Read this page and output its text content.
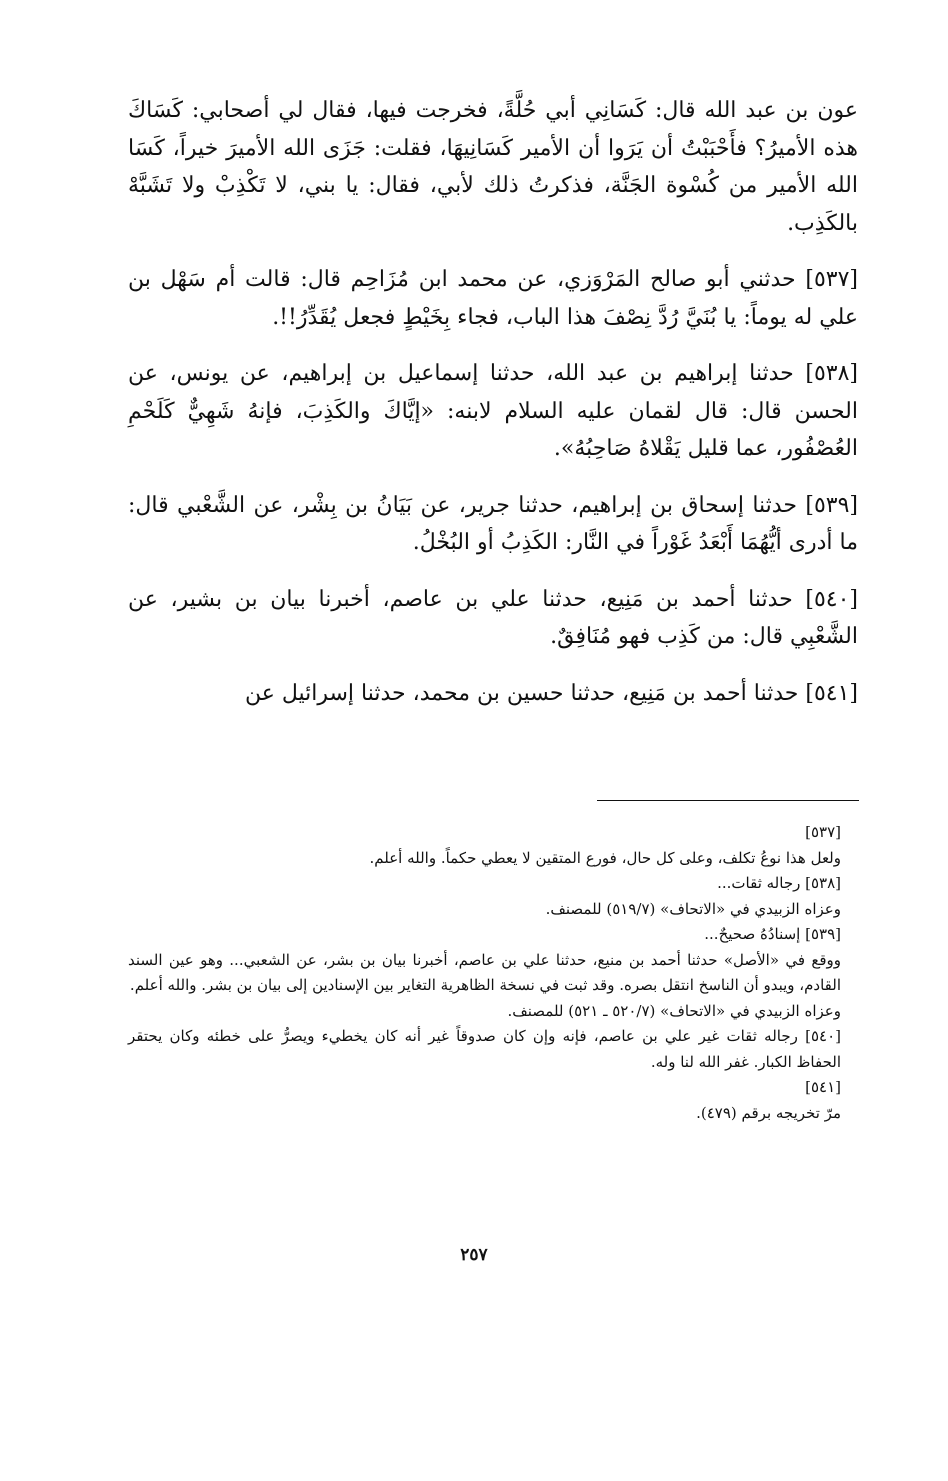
عون بن عبد الله قال: كَسَانِي أبي حُلَّةً، فخرجت فيها، فقال لي أصحابي: كَسَاكَ هذه الأميرُ؟ فأَحْبَبْتُ أن يَرَوا أن الأمير كَسَانِيهَا، فقلت: جَزَى الله الأميرَ خيراً، كَسَا الله الأمير من كُسْوة الجَنَّة، فذكرتُ ذلك لأبي، فقال: يا بني، لا تَكْذِبْ ولا تَشَبَّهْ بالكَذِب.

[٥٣٧] حدثني أبو صالح المَرْوَزي، عن محمد ابن مُزَاحِم قال: قالت أم سَهْل بن علي له يوماً: يا بُنَيَّ رُدَّ نِصْفَ هذا الباب، فجاء بِخَيْطٍ فجعل يُقَدِّرُ!!.

[٥٣٨] حدثنا إبراهيم بن عبد الله، حدثنا إسماعيل بن إبراهيم، عن يونس، عن الحسن قال: قال لقمان عليه السلام لابنه: «إيَّاكَ والكَذِبَ، فإنهُ شَهِيٌّ كَلَحْمِ العُصْفُور، عما قليل يَقْلاهُ صَاحِبُهُ».

[٥٣٩] حدثنا إسحاق بن إبراهيم، حدثنا جرير، عن بَيَانُ بن بِشْر، عن الشَّعْبي قال: ما أدرى أيُّهُمَا أَبْعَدُ غَوْراً في النَّار: الكَذِبُ أو البُخْلُ.

[٥٤٠] حدثنا أحمد بن مَنِيع، حدثنا علي بن عاصم، أخبرنا بيان بن بشير، عن الشَّعْبِي قال: من كَذِب فهو مُنَافِقٌ.

[٥٤١] حدثنا أحمد بن مَنِيع، حدثنا حسين بن محمد، حدثنا إسرائيل عن

[٥٣٧]

ولعل هذا نوعُ تكلف، وعلى كل حال، فورع المتقين لا يعطي حكماً. والله أعلم.

[٥٣٨] رجاله ثقات...

وعزاه الزبيدي في «الاتحاف» (٥١٩/٧) للمصنف.

[٥٣٩] إسنادُهُ صحيحٌ...

ووقع في «الأصل» حدثنا أحمد بن منيع، حدثنا علي بن عاصم، أخبرنا بيان بن بشر، عن الشعبي... وهو عين السند القادم، ويبدو أن الناسخ انتقل بصره. وقد ثبت في نسخة الظاهرية التغاير بين الإسنادين إلى بيان بن بشر. والله أعلم.

وعزاه الزبيدي في «الاتحاف» (٥٢٠/٧ ـ ٥٢١) للمصنف.

[٥٤٠] رجاله ثقات غير علي بن عاصم، فإنه وإن كان صدوقاً غير أنه كان يخطيء ويصرُّ على خطئه وكان يحتقر الحفاظ الكبار. غفر الله لنا وله.

[٥٤١]

مرّ تخريجه برقم (٤٧٩).

٢٥٧
